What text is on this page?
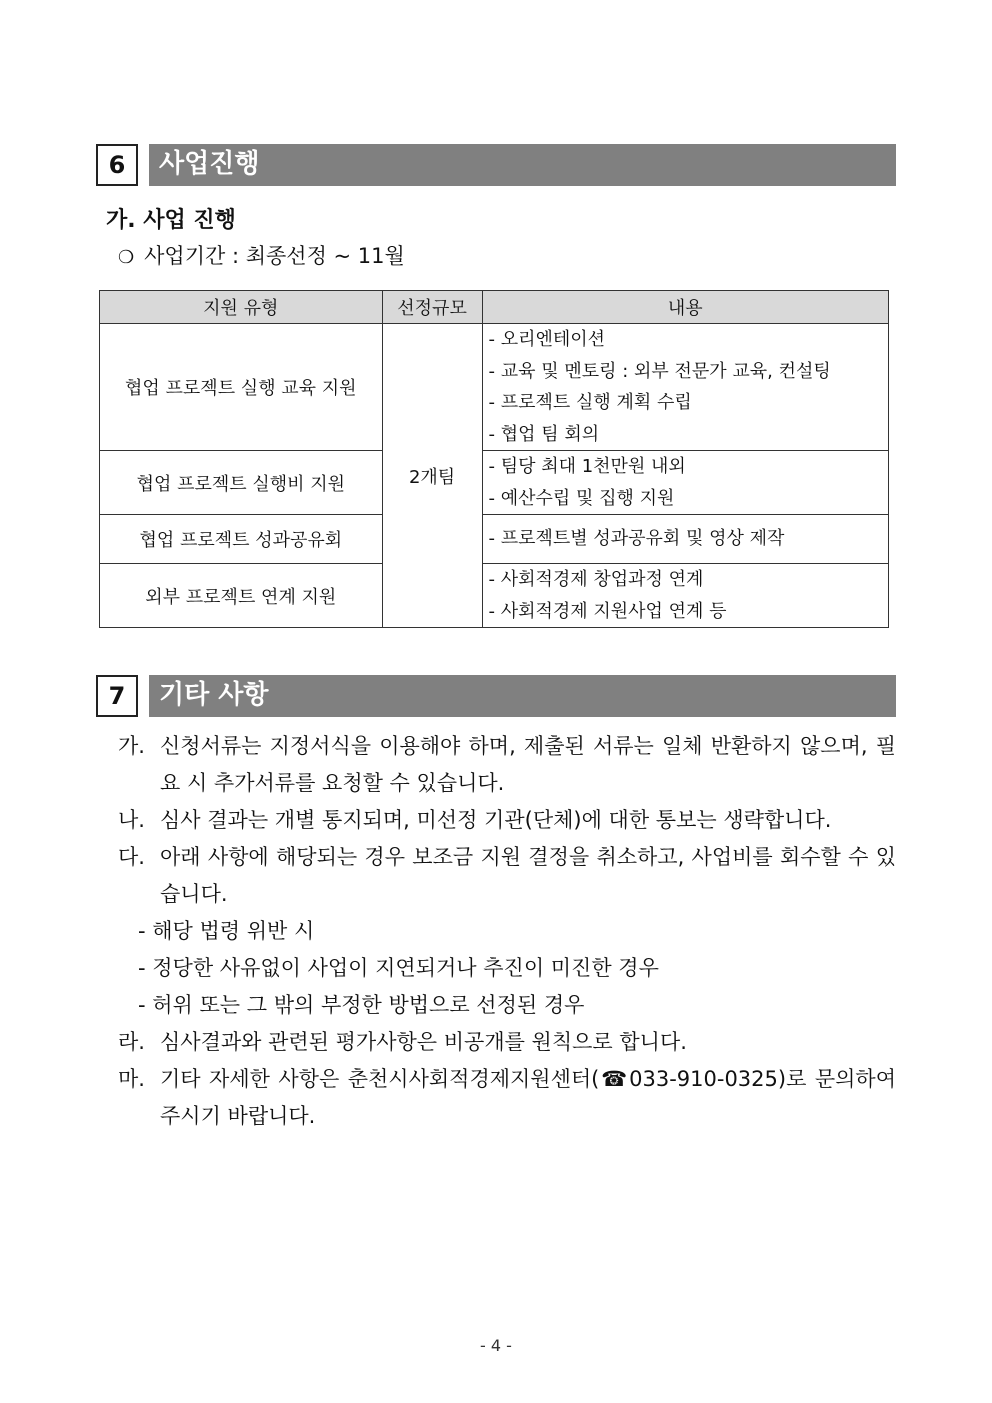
6	사업진행
가. 사업 진행
❍ 사업기간 : 최종선정 ~ 11월
지원 유형	선정규모	내용
협업 프로젝트 실행 교육 지원	2개팀	- 오리엔테이션
- 교육 및 멘토링 : 외부 전문가 교육, 컨설팅
- 프로젝트 실행 계획 수립
- 협업 팀 회의

협업 프로젝트 실행비 지원		- 팀당 최대 1천만원 내외
- 예산수립 및 집행 지원

협업 프로젝트 성과공유회		- 프로젝트별 성과공유회 및 영상 제작

외부 프로젝트 연계 지원		- 사회적경제 창업과정 연계
- 사회적경제 지원사업 연계 등
7	기타 사항
가. 신청서류는 지정서식을 이용해야 하며, 제출된 서류는 일체 반환하지 않으며, 필요 시 추가서류를 요청할 수 있습니다.
나. 심사 결과는 개별 통지되며, 미선정 기관(단체)에 대한 통보는 생략합니다.
다. 아래 사항에 해당되는 경우 보조금 지원 결정을 취소하고, 사업비를 회수할 수 있습니다.
- 해당 법령 위반 시
- 정당한 사유없이 사업이 지연되거나 추진이 미진한 경우
- 허위 또는 그 밖의 부정한 방법으로 선정된 경우
라. 심사결과와 관련된 평가사항은 비공개를 원칙으로 합니다.
마. 기타 자세한 사항은 춘천시사회적경제지원센터(☎033-910-0325)로 문의하여 주시기 바랍니다.
- 4 -
